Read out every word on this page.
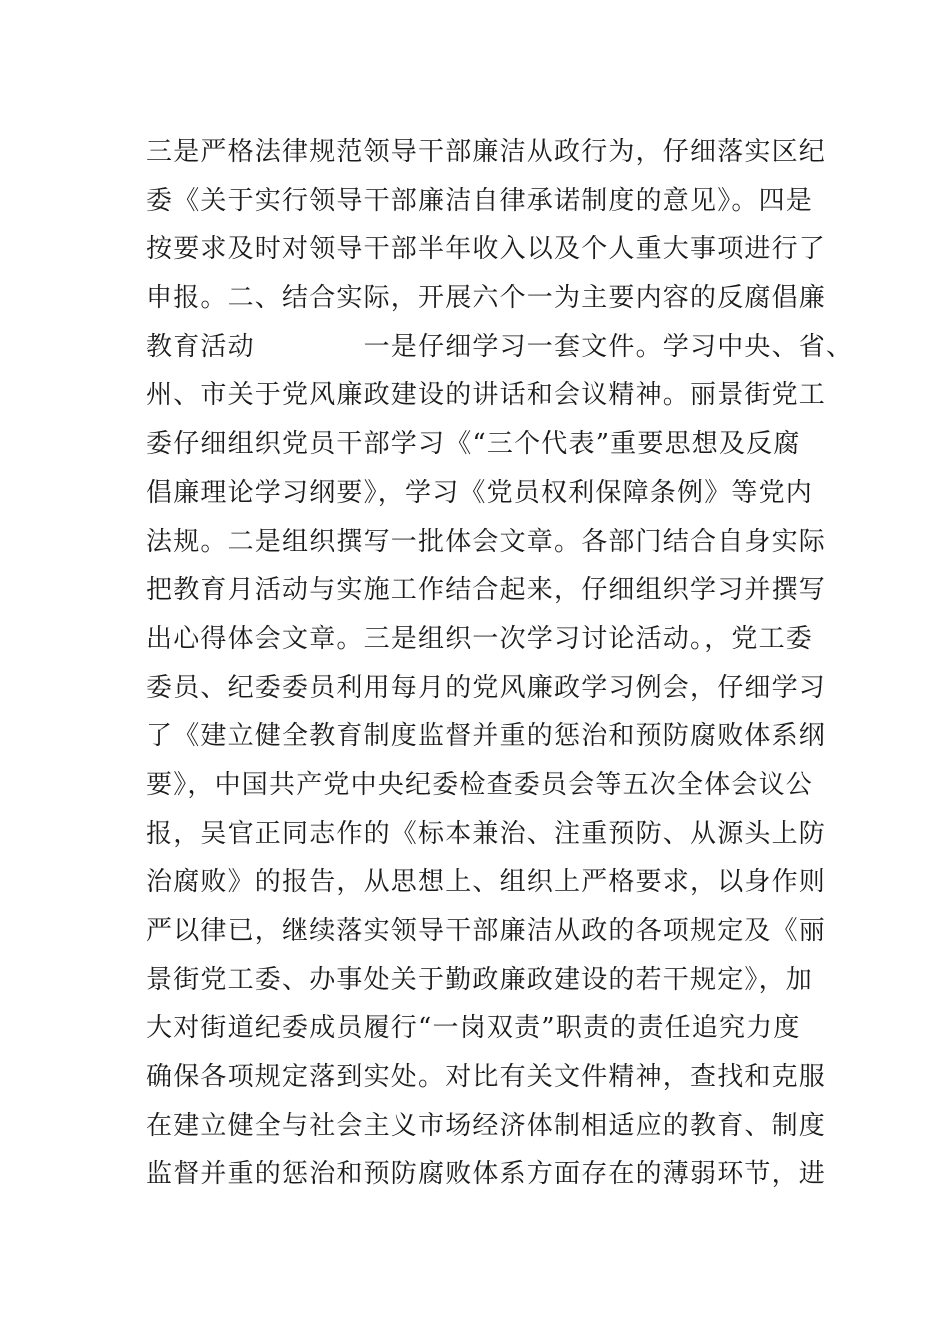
三是严格法律规范领导干部廉洁从政行为，仔细落实区纪
委《关于实行领导干部廉洁自律承诺制度的意见》。四是
按要求及时对领导干部半年收入以及个人重大事项进行了
申报。二、结合实际，开展六个一为主要内容的反腐倡廉
教育活动　　　　一是仔细学习一套文件。学习中央、省、
州、市关于党风廉政建设的讲话和会议精神。丽景街党工
委仔细组织党员干部学习《“三个代表”重要思想及反腐
倡廉理论学习纲要》，学习《党员权利保障条例》等党内
法规。二是组织撰写一批体会文章。各部门结合自身实际
把教育月活动与实施工作结合起来，仔细组织学习并撰写
出心得体会文章。三是组织一次学习讨论活动。，党工委
委员、纪委委员利用每月的党风廉政学习例会，仔细学习
了《建立健全教育制度监督并重的惩治和预防腐败体系纲
要》，中国共产党中央纪委检查委员会等五次全体会议公
报，吴官正同志作的《标本兼治、注重预防、从源头上防
治腐败》的报告，从思想上、组织上严格要求，以身作则
严以律已，继续落实领导干部廉洁从政的各项规定及《丽
景街党工委、办事处关于勤政廉政建设的若干规定》，加
大对街道纪委成员履行“一岗双责”职责的责任追究力度
确保各项规定落到实处。对比有关文件精神，查找和克服
在建立健全与社会主义市场经济体制相适应的教育、制度
监督并重的惩治和预防腐败体系方面存在的薄弱环节，进
